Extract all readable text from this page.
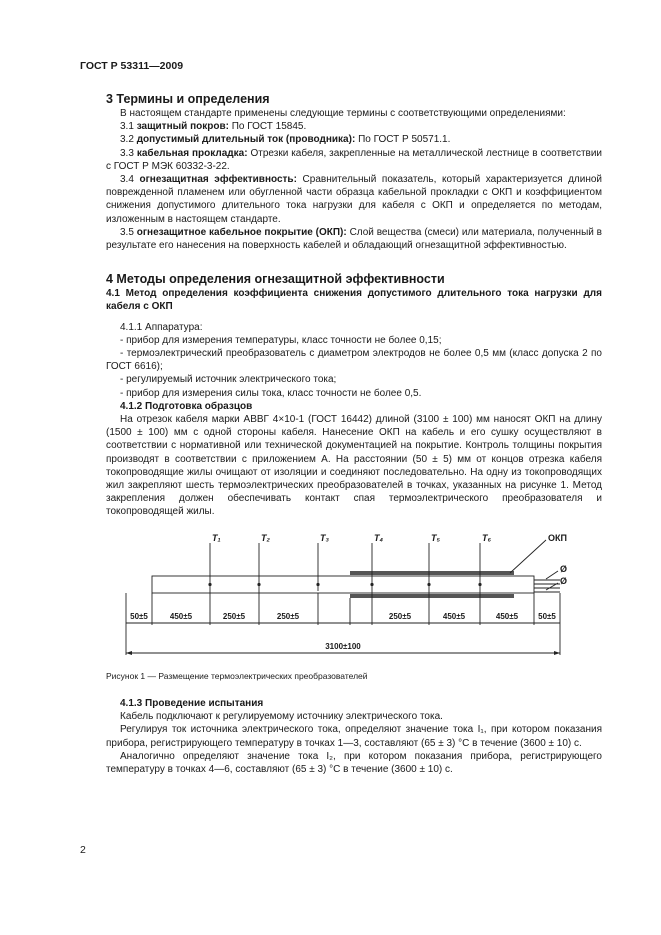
ГОСТ Р 53311—2009

3 Термины и определения

В настоящем стандарте применены следующие термины с соответствующими определениями:

3.1 защитный покров: По ГОСТ 15845.

3.2 допустимый длительный ток (проводника): По ГОСТ Р 50571.1.

3.3 кабельная прокладка: Отрезки кабеля, закрепленные на металлической лестнице в соответствии с ГОСТ Р МЭК 60332-3-22.

3.4 огнезащитная эффективность: Сравнительный показатель, который характеризуется длиной поврежденной пламенем или обугленной части образца кабельной прокладки с ОКП и коэффициентом снижения допустимого длительного тока нагрузки для кабеля с ОКП и определяется по методам, изложенным в настоящем стандарте.

3.5 огнезащитное кабельное покрытие (ОКП): Слой вещества (смеси) или материала, полученный в результате его нанесения на поверхность кабелей и обладающий огнезащитной эффективностью.

4 Методы определения огнезащитной эффективности

4.1 Метод определения коэффициента снижения допустимого длительного тока нагрузки для кабеля с ОКП

4.1.1 Аппаратура:

- прибор для измерения температуры, класс точности не более 0,15;

- термоэлектрический преобразователь с диаметром электродов не более 0,5 мм (класс допуска 2 по ГОСТ 6616);

- регулируемый источник электрического тока;

- прибор для измерения силы тока, класс точности не более 0,5.

4.1.2 Подготовка образцов

На отрезок кабеля марки АВВГ 4×10-1 (ГОСТ 16442) длиной (3100 ± 100) мм наносят ОКП на длину (1500 ± 100) мм с одной стороны кабеля. Нанесение ОКП на кабель и его сушку осуществляют в соответствии с нормативной или технической документацией на покрытие. Контроль толщины покрытия производят в соответствии с приложением А. На расстоянии (50 ± 5) мм от концов отрезка кабеля токопроводящие жилы очищают от изоляции и соединяют последовательно. На одну из токопроводящих жил закрепляют шесть термоэлектрических преобразователей в точках, указанных на рисунке 1. Метод закрепления должен обеспечивать контакт спая термоэлектрического преобразователя и токопроводящей жилы.

T₁	T₂	T₃	T₄	T₅	T₆	ОКП
Ø
Ø
50±5	450±5	250±5	250±5	250±5	450±5	450±5	50±5
3100±100

Рисунок 1 — Размещение термоэлектрических преобразователей

4.1.3 Проведение испытания

Кабель подключают к регулируемому источнику электрического тока.

Регулируя ток источника электрического тока, определяют значение тока I₁, при котором показания прибора, регистрирующего температуру в точках 1—3, составляют (65 ± 3) °С в течение (3600 ± 10) с.

Аналогично определяют значение тока I₂, при котором показания прибора, регистрирующего температуру в точках 4—6, составляют (65 ± 3) °С в течение (3600 ± 10) с.

2
